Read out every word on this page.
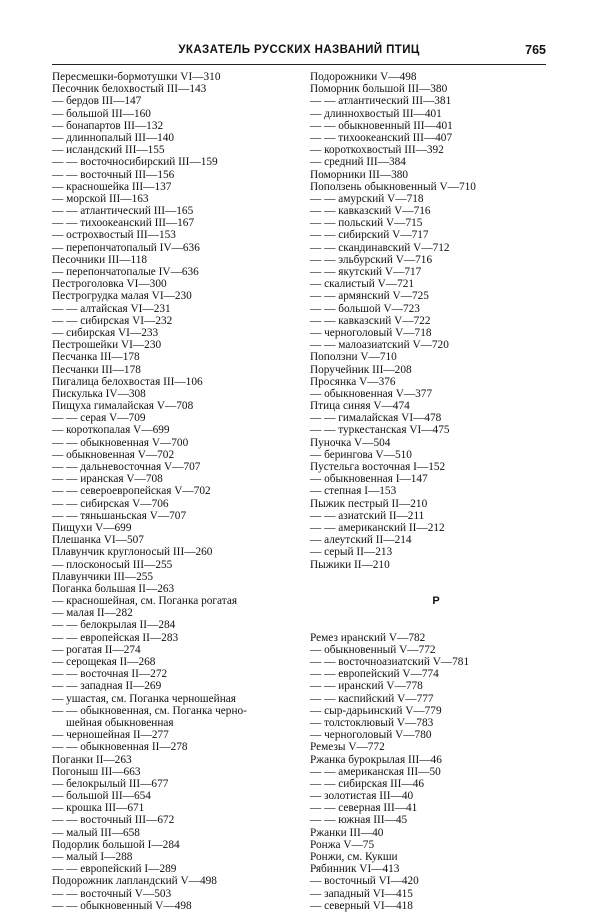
УКАЗАТЕЛЬ РУССКИХ НАЗВАНИЙ ПТИЦ	765
Пересмешки-бормотушки VI—310
Песочник белохвостый III—143
— бердов III—147
— большой III—160
— бонапартов III—132
— длиннопалый III—140
— исландский III—155
— — восточносибирский III—159
— — восточный III—156
— красношейка III—137
— морской III—163
— — атлантический III—165
— — тихоокеанский III—167
— острохвостый III—153
— перепончатопалый IV—636
Песочники III—118
— перепончатопалые IV—636
Пестроголовка VI—300
Пестрогрудка малая VI—230
— — алтайская VI—231
— — сибирская VI—232
— сибирская VI—233
Пестрошейки VI—230
Песчанка III—178
Песчанки III—178
Пигалица белохвостая III—106
Пискулька IV—308
Пищуха гималайская V—708
— — серая V—709
— короткопалая V—699
— — обыкновенная V—700
— обыкновенная V—702
— — дальневосточная V—707
— — иранская V—708
— — североевропейская V—702
— — сибирская V—706
— — тяньшаньская V—707
Пищухи V—699
Плешанка VI—507
Плавунчик круглоносый III—260
— плосконосый III—255
Плавунчики III—255
Поганка большая II—263
— красношейная, см. Поганка рогатая
— малая II—282
— — белокрылая II—284
— — европейская II—283
— рогатая II—274
— серощекая II—268
— — восточная II—272
— — западная II—269
— ушастая, см. Поганка черношейная
— — обыкновенная, см. Поганка черно-
шейная обыкновенная
— черношейная II—277
— — обыкновенная II—278
Поганки II—263
Погоныш III—663
— белокрылый III—677
— большой III—654
— крошка III—671
— — восточный III—672
— малый III—658
Подорлик большой I—284
— малый I—288
— — европейский I—289
Подорожник лапландский V—498
— — восточный V—503
— — обыкновенный V—498
Подорожники V—498
Поморник большой III—380
— — атлантический III—381
— длиннохвостый III—401
— — обыкновенный III—401
— — тихоокеанский III—407
— короткохвостый III—392
— средний III—384
Поморники III—380
Поползень обыкновенный V—710
— — амурский V—718
— — кавказский V—716
— — польский V—715
— — сибирский V—717
— — скандинавский V—712
— — эльбурский V—716
— — якутский V—717
— скалистый V—721
— — армянский V—725
— — большой V—723
— — кавказский V—722
— черноголовый V—718
— — малоазиатский V—720
Поползни V—710
Поручейник III—208
Просянка V—376
— обыкновенная V—377
Птица синяя V—474
— — гималайская VI—478
— — туркестанская VI—475
Пуночка V—504
— берингова V—510
Пустельга восточная I—152
— обыкновенная I—147
— степная I—153
Пыжик пестрый II—210
— — азиатский II—211
— — американский II—212
— алеутский II—214
— серый II—213
Пыжики II—210
Р
Ремез иранский V—782
— обыкновенный V—772
— — восточноазиатский V—781
— — европейский V—774
— — иранский V—778
— — каспийский V—777
— сыр-дарьинский V—779
— толстоклювый V—783
— черноголовый V—780
Ремезы V—772
Ржанка бурокрылая III—46
— — американская III—50
— — сибирская III—46
— золотистая III—40
— — северная III—41
— — южная III—45
Ржанки III—40
Ронжа V—75
Ронжи, см. Кукши
Рябинник VI—413
— восточный VI—420
— западный VI—415
— северный VI—418
